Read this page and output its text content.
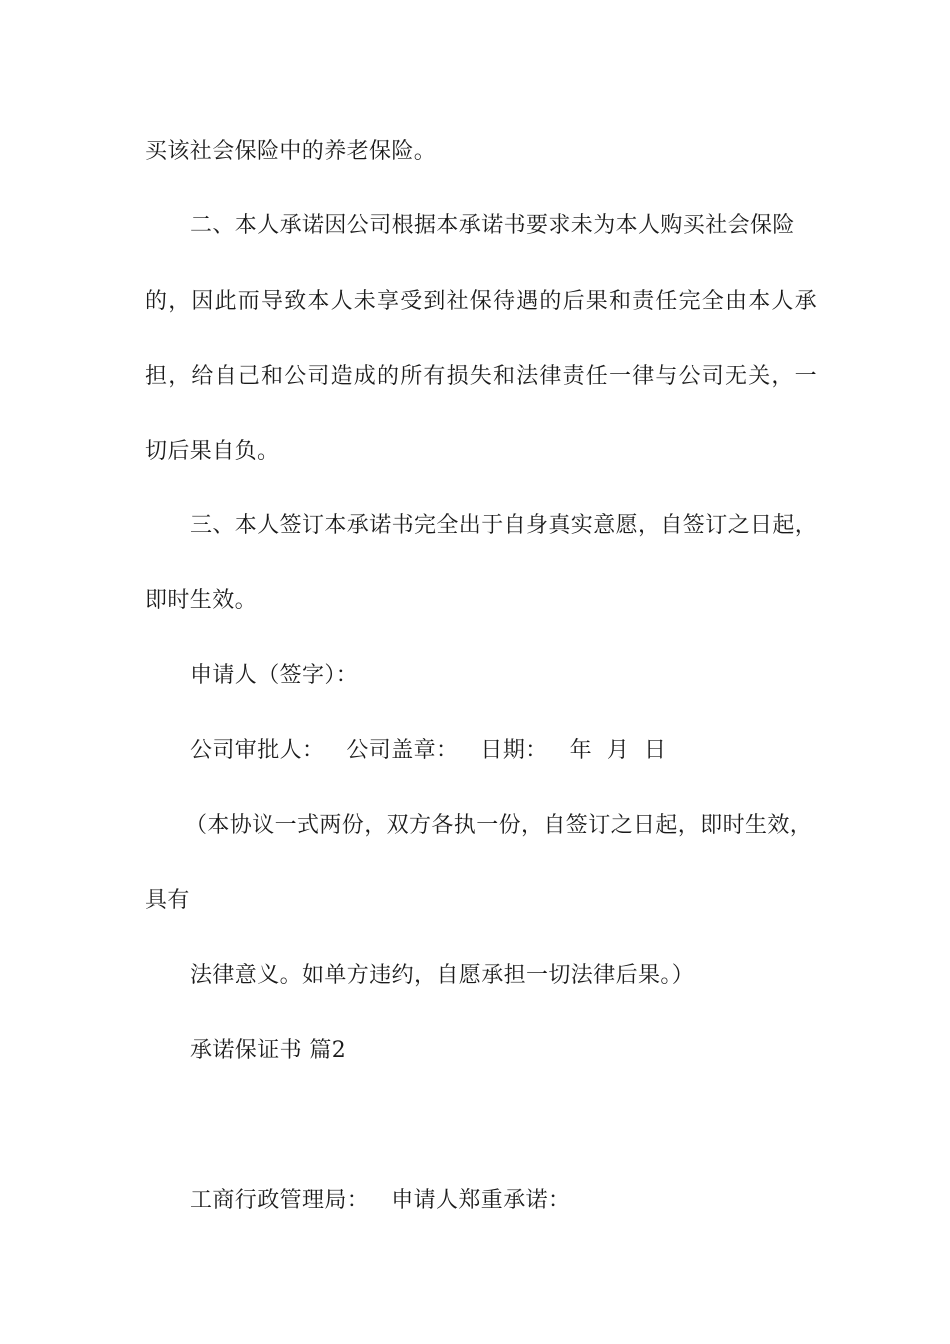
买该社会保险中的养老保险。
二、本人承诺因公司根据本承诺书要求未为本人购买社会保险
的，因此而导致本人未享受到社保待遇的后果和责任完全由本人承
担，给自己和公司造成的所有损失和法律责任一律与公司无关，一
切后果自负。
三、本人签订本承诺书完全出于自身真实意愿，自签订之日起，
即时生效。
申请人（签字）：
公司审批人： 公司盖章： 日期： 年 月 日
（本协议一式两份，双方各执一份，自签订之日起，即时生效，
具有
法律意义。如单方违约，自愿承担一切法律后果。）
承诺保证书 篇2
工商行政管理局： 申请人郑重承诺：
